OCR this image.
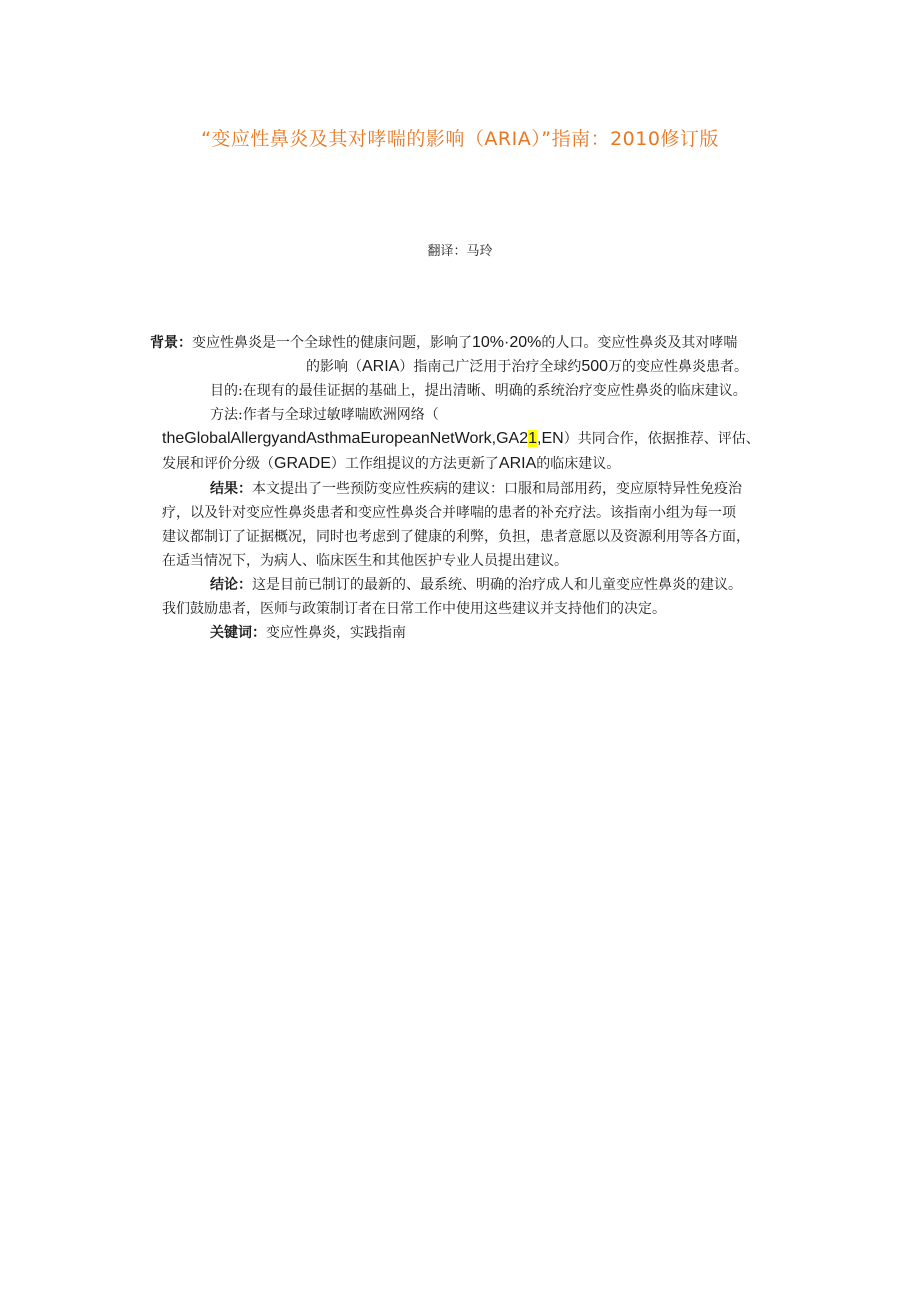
“变应性鼻炎及其对哮喘的影响（ARIA）”指南：2010修订版
翻译：马玲
背景：变应性鼻炎是一个全球性的健康问题，影响了10%·20%的人口。变应性鼻炎及其对哮喘
的影响（ARIA）指南己广泛用于治疗全球约500万的变应性鼻炎患者。
目的:在现有的最佳证据的基础上，提出清晰、明确的系统治疗变应性鼻炎的临床建议。
方法:作者与全球过敏哮喘欧洲网络（
theGlobalAllergyandAsthmaEuropeanNetWork,GA21,EN）共同合作，依据推荐、评估、
发展和评价分级（GRADE）工作组提议的方法更新了ARIA的临床建议。
结果：本文提出了一些预防变应性疾病的建议：口服和局部用药，变应原特异性免疫治
疗，以及针对变应性鼻炎患者和变应性鼻炎合并哮喘的患者的补充疗法。该指南小组为每一项
建议都制订了证据概况，同时也考虑到了健康的利弊，负担，患者意愿以及资源利用等各方面，
在适当情况下，为病人、临床医生和其他医护专业人员提出建议。
结论：这是目前已制订的最新的、最系统、明确的治疗成人和儿童变应性鼻炎的建议。
我们鼓励患者，医师与政策制订者在日常工作中使用这些建议并支持他们的决定。
关键词：变应性鼻炎，实践指南
